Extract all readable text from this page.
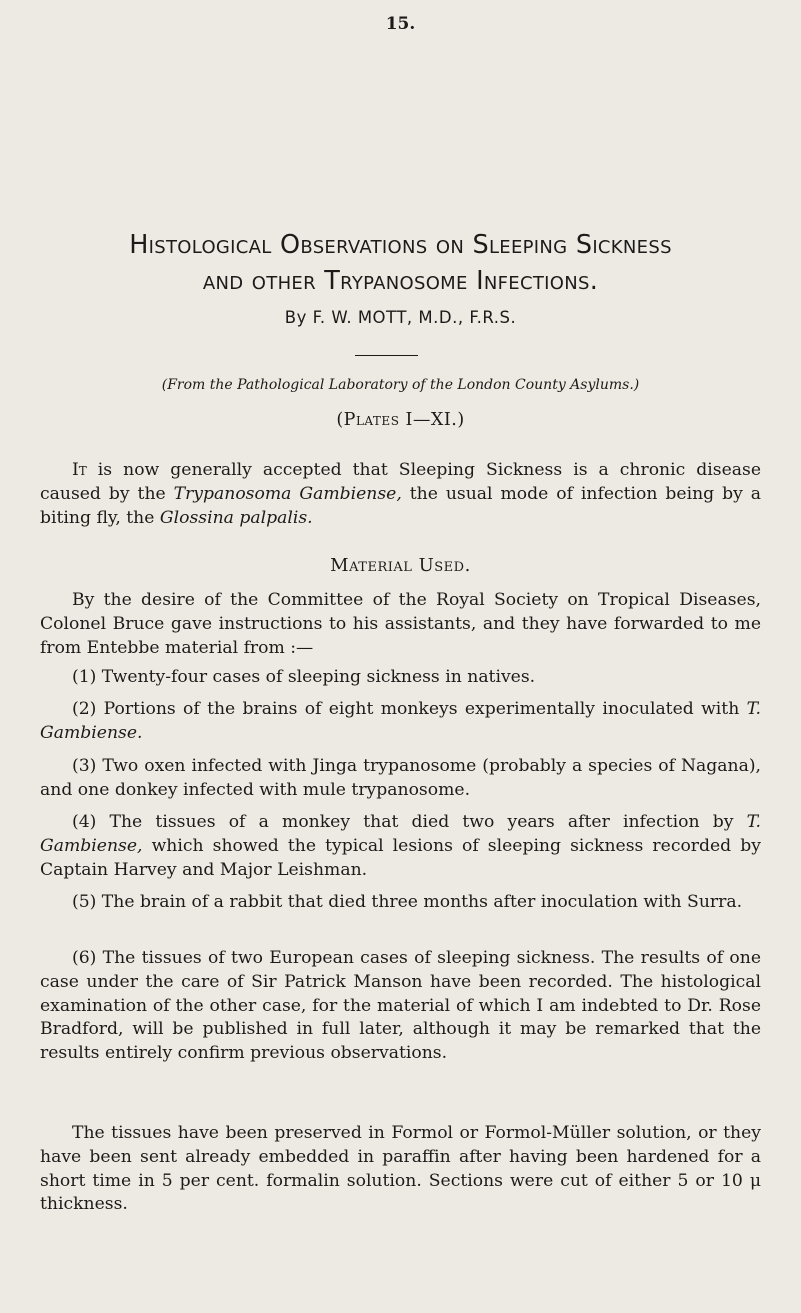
15.
Histological Observations on Sleeping Sickness
and other Trypanosome Infections.
By F. W. MOTT, M.D., F.R.S.
(From the Pathological Laboratory of the London County Asylums.)
(Plates I—XI.)

It is now generally accepted that Sleeping Sickness is a chronic disease caused by the Trypanosoma Gambiense, the usual mode of infection being by a biting fly, the Glossina palpalis.

Material Used.

By the desire of the Committee of the Royal Society on Tropical Diseases, Colonel Bruce gave instructions to his assistants, and they have forwarded to me from Entebbe material from :—

(1) Twenty-four cases of sleeping sickness in natives.

(2) Portions of the brains of eight monkeys experimentally inoculated with T. Gambiense.

(3) Two oxen infected with Jinga trypanosome (probably a species of Nagana), and one donkey infected with mule trypanosome.

(4) The tissues of a monkey that died two years after infection by T. Gambiense, which showed the typical lesions of sleeping sickness recorded by Captain Harvey and Major Leishman.

(5) The brain of a rabbit that died three months after inoculation with Surra.

(6) The tissues of two European cases of sleeping sickness. The results of one case under the care of Sir Patrick Manson have been recorded. The histological examination of the other case, for the material of which I am indebted to Dr. Rose Bradford, will be published in full later, although it may be remarked that the results entirely confirm previous observations.

The tissues have been preserved in Formol or Formol-Müller solution, or they have been sent already embedded in paraffin after having been hardened for a short time in 5 per cent. formalin solution. Sections were cut of either 5 or 10 μ thickness.
